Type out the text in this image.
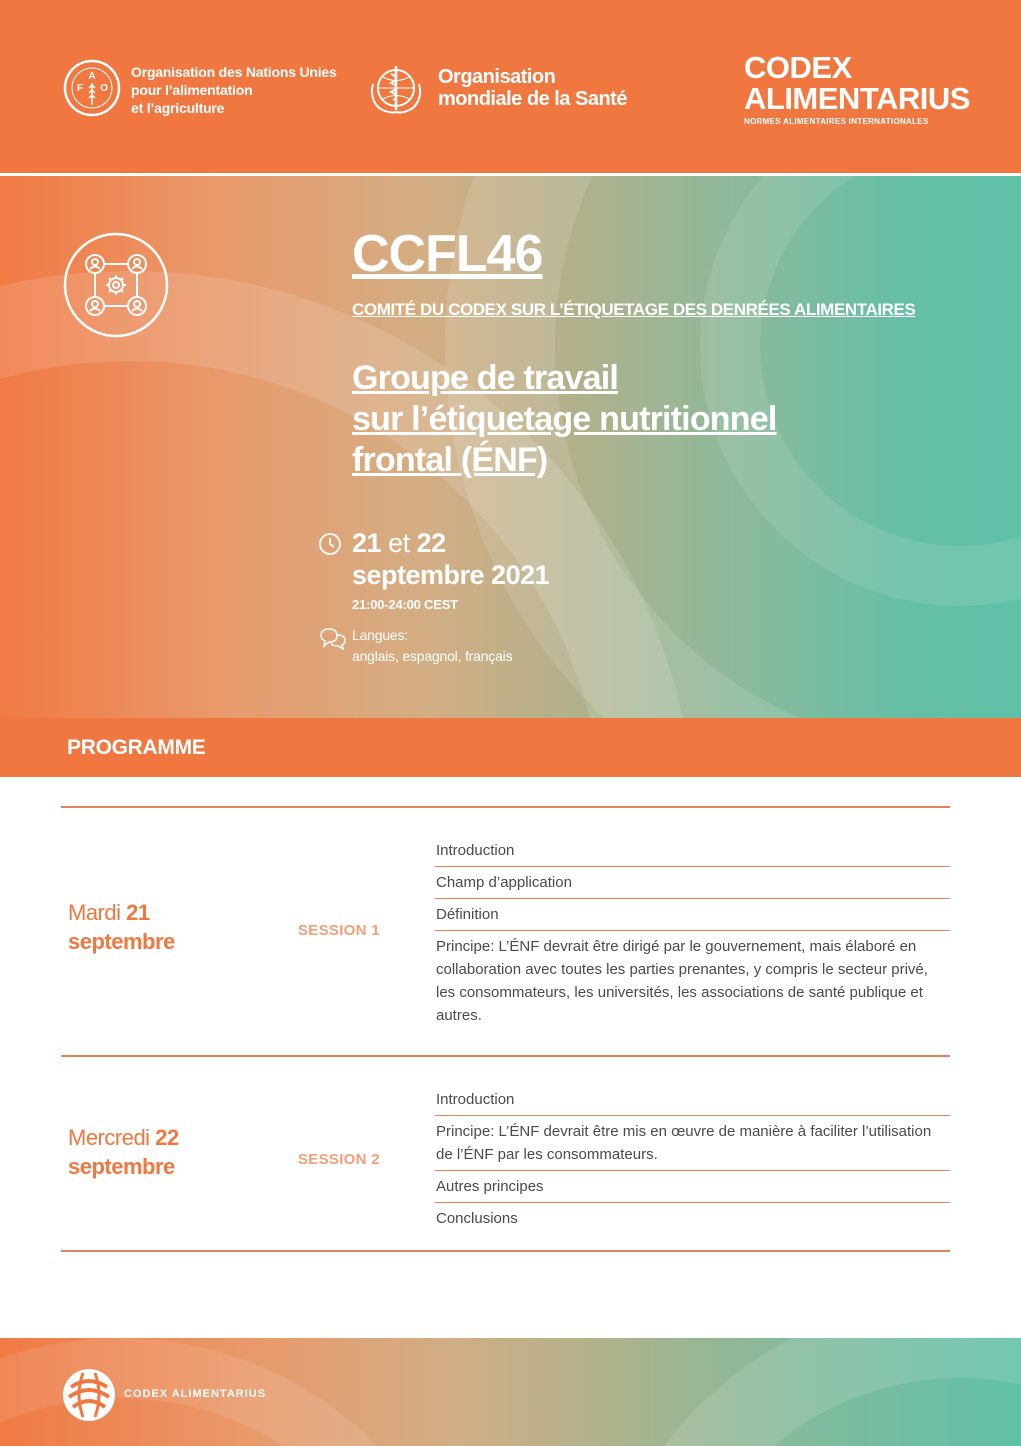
A
F O
Organisation des Nations Unies
pour l’alimentation
et l’agriculture
Organisation
mondiale de la Santé
CODEX
ALIMENTARIUS
NORMES ALIMENTAIRES INTERNATIONALES
CCFL46
COMITÉ DU CODEX SUR L’ÉTIQUETAGE DES DENRÉES ALIMENTAIRES
Groupe de travail
sur l’étiquetage nutritionnel
frontal (ÉNF)
21 et 22
septembre 2021
21:00-24:00 CEST
Langues:
anglais, espagnol, français
PROGRAMME
Mardi 21
septembre	SESSION 1
Introduction
Champ d’application
Définition
Principe: L’ÉNF devrait être dirigé par le gouvernement, mais élaboré en collaboration avec toutes les parties prenantes, y compris le secteur privé, les consommateurs, les universités, les associations de santé publique et autres.
Mercredi 22
septembre	SESSION 2
Introduction
Principe: L’ÉNF devrait être mis en œuvre de manière à faciliter l’utilisation de l’ÉNF par les consommateurs.
Autres principes
Conclusions
CODEX ALIMENTARIUS
